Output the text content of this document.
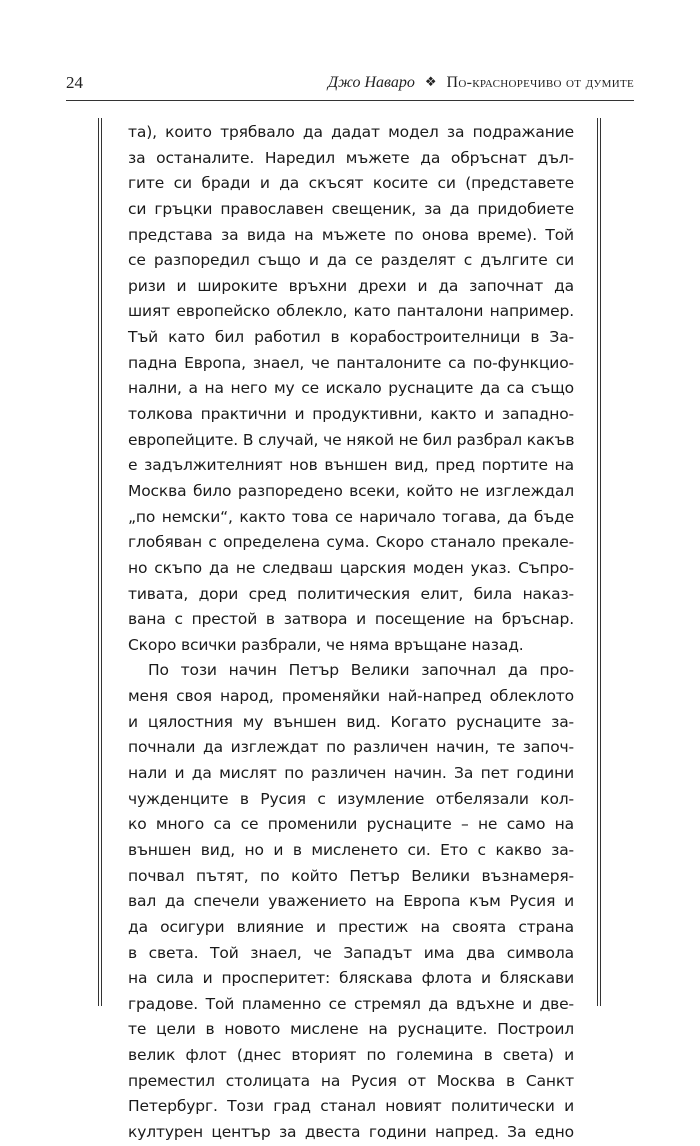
24	Джо Наваро ❖ По-красноречиво от думите
та), които трябвало да дадат модел за подражание
за останалите. Наредил мъжете да обръснат дъл-
гите си бради и да скъсят косите си (представете
си гръцки православен свещеник, за да придобиете
представа за вида на мъжете по онова време). Той
се разпоредил също и да се разделят с дългите си
ризи и широките връхни дрехи и да започнат да
шият европейско облекло, като панталони например.
Тъй като бил работил в корабостроителници в За-
падна Европа, знаел, че панталоните са по-функцио-
нални, а на него му се искало руснаците да са също
толкова практични и продуктивни, както и западно-
европейците. В случай, че някой не бил разбрал какъв
е задължителният нов външен вид, пред портите на
Москва било разпоредено всеки, който не изглеждал
„по немски“, както това се наричало тогава, да бъде
глобяван с определена сума. Скоро станало прекале-
но скъпо да не следваш царския моден указ. Съпро-
тивата, дори сред политическия елит, била наказ-
вана с престой в затвора и посещение на бръснар.
Скоро всички разбрали, че няма връщане назад.
По този начин Петър Велики започнал да про-
меня своя народ, променяйки най-напред облеклото
и цялостния му външен вид. Когато руснаците за-
почнали да изглеждат по различен начин, те започ-
нали и да мислят по различен начин. За пет години
чужденците в Русия с изумление отбелязали кол-
ко много са се променили руснаците – не само на
външен вид, но и в мисленето си. Ето с какво за-
почвал пътят, по който Петър Велики възнамеря-
вал да спечели уважението на Европа към Русия и
да осигури влияние и престиж на своята страна
в света. Той знаел, че Западът има два символа
на сила и просперитет: бляскава флота и бляскави
градове. Той пламенно се стремял да вдъхне и две-
те цели в новото мислене на руснаците. Построил
велик флот (днес вторият по големина в света) и
преместил столицата на Русия от Москва в Санкт
Петербург. Този град станал новият политически и
културен център за двеста години напред. За едно
